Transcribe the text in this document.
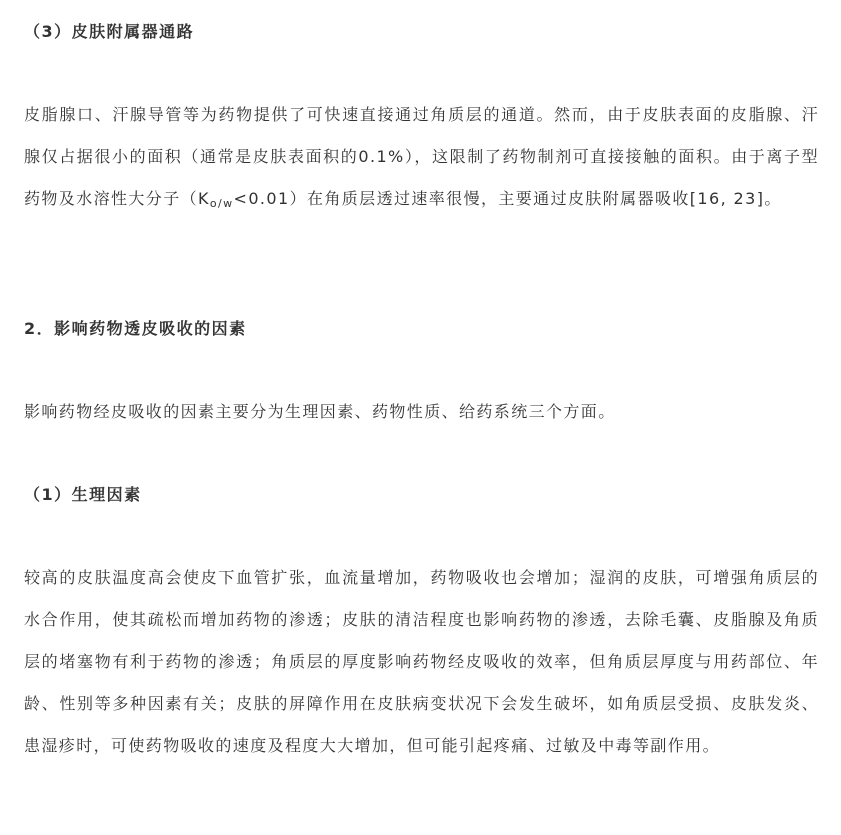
（3）皮肤附属器通路

皮脂腺口、汗腺导管等为药物提供了可快速直接通过角质层的通道。然而，由于皮肤表面的皮脂腺、汗腺仅占据很小的面积（通常是皮肤表面积的0.1%），这限制了药物制剂可直接接触的面积。由于离子型药物及水溶性大分子$(K_{o/w}<0.01)$在角质层透过速率很慢，主要通过皮肤附属器吸收[16, 23]。

2．影响药物透皮吸收的因素

影响药物经皮吸收的因素主要分为生理因素、药物性质、给药系统三个方面。

（1）生理因素

较高的皮肤温度高会使皮下血管扩张，血流量增加，药物吸收也会增加；湿润的皮肤，可增强角质层的水合作用，使其疏松而增加药物的渗透；皮肤的清洁程度也影响药物的渗透，去除毛囊、皮脂腺及角质层的堵塞物有利于药物的渗透；角质层的厚度影响药物经皮吸收的效率，但角质层厚度与用药部位、年龄、性别等多种因素有关；皮肤的屏障作用在皮肤病变状况下会发生破坏，如角质层受损、皮肤发炎、患湿疹时，可使药物吸收的速度及程度大大增加，但可能引起疼痛、过敏及中毒等副作用。
